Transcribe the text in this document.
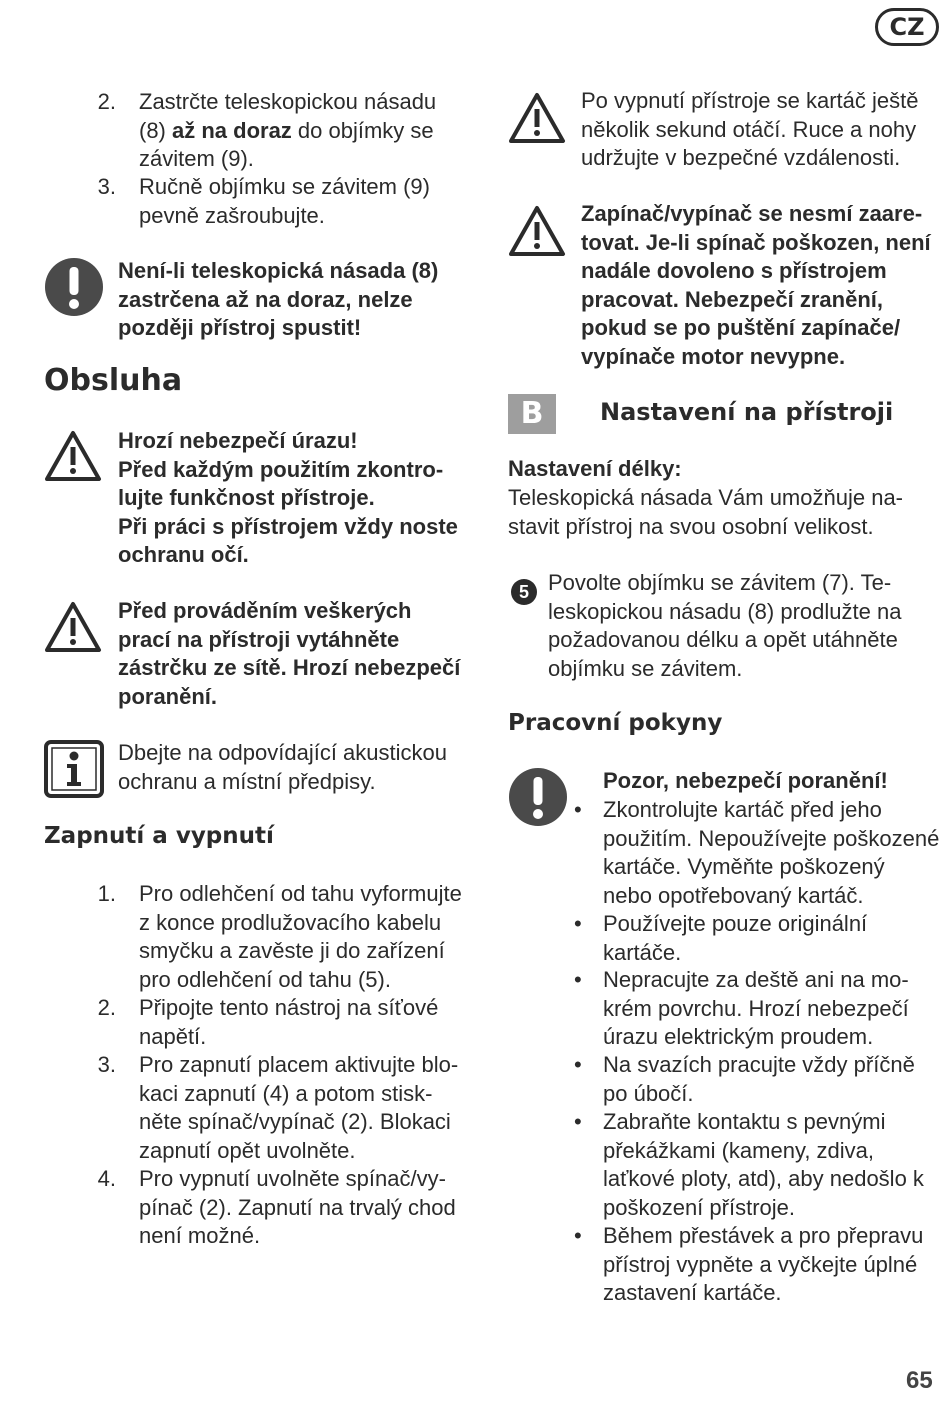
CZ
65
2. Zastrčte teleskopickou násadu
(8) až na doraz do objímky se
závitem (9).
3. Ručně objímku se závitem (9)
pevně zašroubujte.
Není-li teleskopická násada (8)
zastrčena až na doraz, nelze
později přístroj spustit!
Obsluha
Hrozí nebezpečí úrazu!
Před každým použitím zkontro-
lujte funkčnost přístroje.
Při práci s přístrojem vždy noste
ochranu očí.
Před prováděním veškerých
prací na přístroji vytáhněte
zástrčku ze sítě. Hrozí nebezpečí
poranění.
Dbejte na odpovídající akustickou
ochranu a místní předpisy.
Zapnutí a vypnutí
1. Pro odlehčení od tahu vyformujte
z konce prodlužovacího kabelu
smyčku a zavěste ji do zařízení
pro odlehčení od tahu (5).
2. Připojte tento nástroj na síťové
napětí.
3. Pro zapnutí placem aktivujte blo-
kaci zapnutí (4) a potom stisk-
něte spínač/vypínač (2). Blokaci
zapnutí opět uvolněte.
4. Pro vypnutí uvolněte spínač/vy-
pínač (2). Zapnutí na trvalý chod
není možné.
Po vypnutí přístroje se kartáč ještě
několik sekund otáčí. Ruce a nohy
udržujte v bezpečné vzdálenosti.
Zapínač/vypínač se nesmí zaare-
tovat. Je-li spínač poškozen, není
nadále dovoleno s přístrojem
pracovat. Nebezpečí zranění,
pokud se po puštění zapínače/
vypínače motor nevypne.
B	Nastavení na přístroji
Nastavení délky:
Teleskopická násada Vám umožňuje na-
stavit přístroj na svou osobní velikost.
5 Povolte objímku se závitem (7). Te-
leskopickou násadu (8) prodlužte na
požadovanou délku a opět utáhněte
objímku se závitem.
Pracovní pokyny
Pozor, nebezpečí poranění!
• Zkontrolujte kartáč před jeho
použitím. Nepoužívejte poškozené
kartáče. Vyměňte poškozený
nebo opotřebovaný kartáč.
• Používejte pouze originální
kartáče.
• Nepracujte za deště ani na mo-
krém povrchu. Hrozí nebezpečí
úrazu elektrickým proudem.
• Na svazích pracujte vždy příčně
po úbočí.
• Zabraňte kontaktu s pevnými
překážkami (kameny, zdiva,
laťkové ploty, atd), aby nedošlo k
poškození přístroje.
• Během přestávek a pro přepravu
přístroj vypněte a vyčkejte úplné
zastavení kartáče.
